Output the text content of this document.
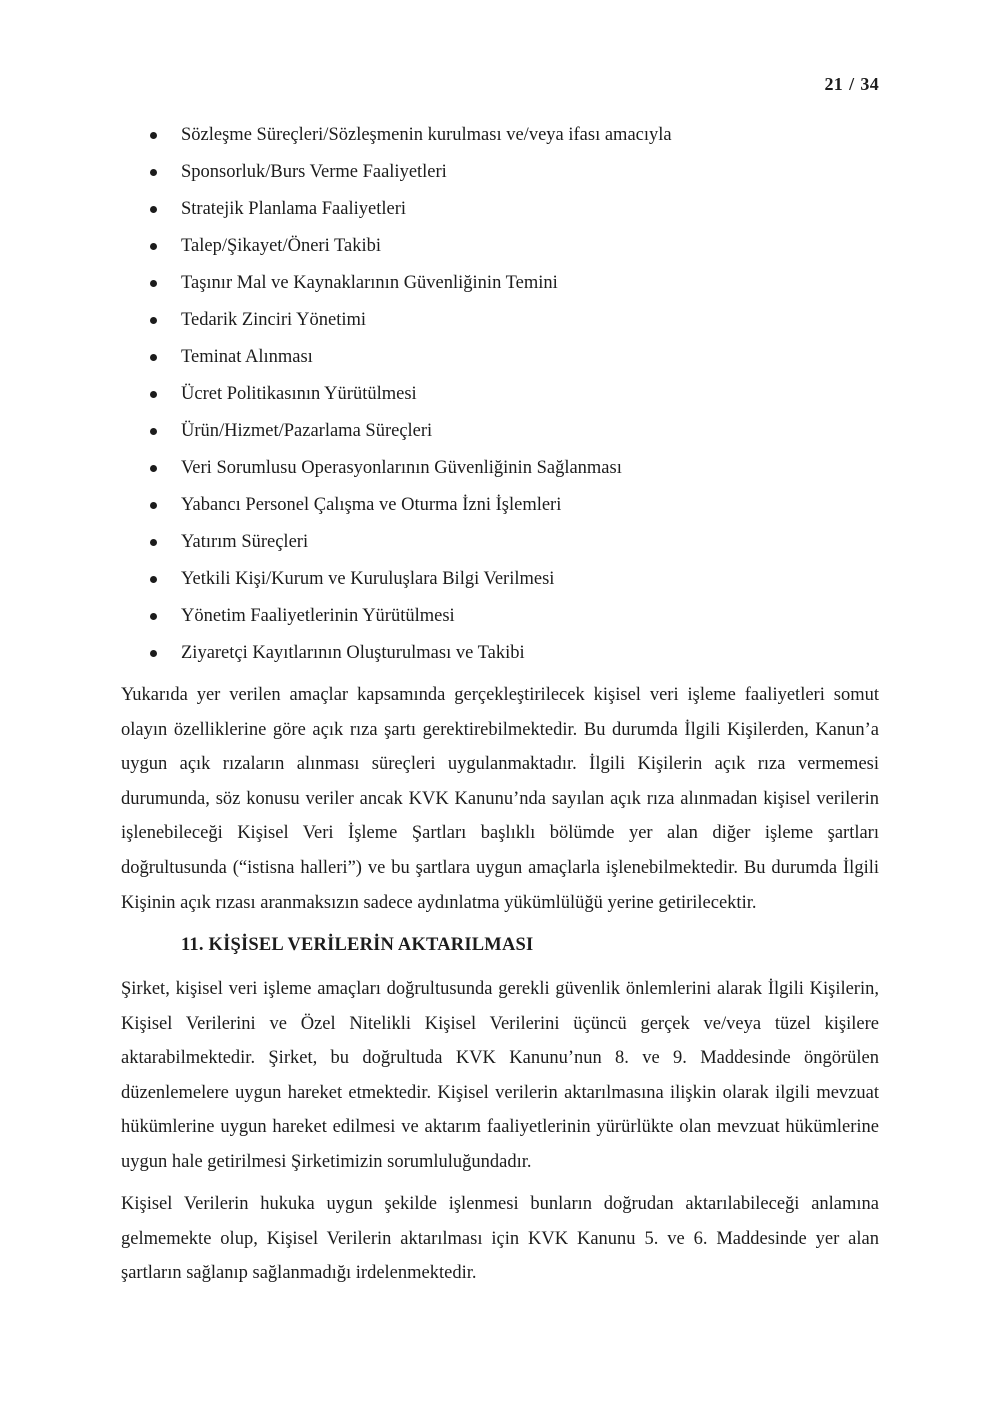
21 / 34
Sözleşme Süreçleri/Sözleşmenin kurulması ve/veya ifası amacıyla
Sponsorluk/Burs Verme Faaliyetleri
Stratejik Planlama Faaliyetleri
Talep/Şikayet/Öneri Takibi
Taşınır Mal ve Kaynaklarının Güvenliğinin Temini
Tedarik Zinciri Yönetimi
Teminat Alınması
Ücret Politikasının Yürütülmesi
Ürün/Hizmet/Pazarlama Süreçleri
Veri Sorumlusu Operasyonlarının Güvenliğinin Sağlanması
Yabancı Personel Çalışma ve Oturma İzni İşlemleri
Yatırım Süreçleri
Yetkili Kişi/Kurum ve Kuruluşlara Bilgi Verilmesi
Yönetim Faaliyetlerinin Yürütülmesi
Ziyaretçi Kayıtlarının Oluşturulması ve Takibi

Yukarıda yer verilen amaçlar kapsamında gerçekleştirilecek kişisel veri işleme faaliyetleri somut olayın özelliklerine göre açık rıza şartı gerektirebilmektedir. Bu durumda İlgili Kişilerden, Kanun’a uygun açık rızaların alınması süreçleri uygulanmaktadır. İlgili Kişilerin açık rıza vermemesi durumunda, söz konusu veriler ancak KVK Kanunu’nda sayılan açık rıza alınmadan kişisel verilerin işlenebileceği Kişisel Veri İşleme Şartları başlıklı bölümde yer alan diğer işleme şartları doğrultusunda (“istisna halleri”) ve bu şartlara uygun amaçlarla işlenebilmektedir. Bu durumda İlgili Kişinin açık rızası aranmaksızın sadece aydınlatma yükümlülüğü yerine getirilecektir.

11. KİŞİSEL VERİLERİN AKTARILMASI

Şirket, kişisel veri işleme amaçları doğrultusunda gerekli güvenlik önlemlerini alarak İlgili Kişilerin, Kişisel Verilerini ve Özel Nitelikli Kişisel Verilerini üçüncü gerçek ve/veya tüzel kişilere aktarabilmektedir. Şirket, bu doğrultuda KVK Kanunu’nun 8. ve 9. Maddesinde öngörülen düzenlemelere uygun hareket etmektedir. Kişisel verilerin aktarılmasına ilişkin olarak ilgili mevzuat hükümlerine uygun hareket edilmesi ve aktarım faaliyetlerinin yürürlükte olan mevzuat hükümlerine uygun hale getirilmesi Şirketimizin sorumluluğundadır.

Kişisel Verilerin hukuka uygun şekilde işlenmesi bunların doğrudan aktarılabileceği anlamına gelmemekte olup, Kişisel Verilerin aktarılması için KVK Kanunu 5. ve 6. Maddesinde yer alan şartların sağlanıp sağlanmadığı irdelenmektedir.
